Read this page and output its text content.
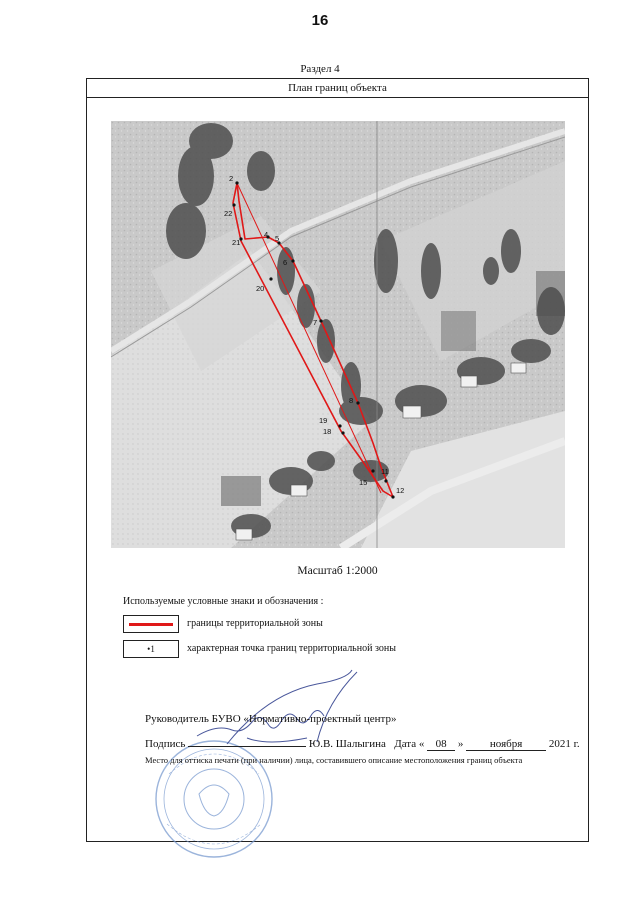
16
Раздел 4
План границ объекта
2
22
21
4 5
6
20
7
19
18
8
15
11
12
Масштаб 1:2000
Используемые условные знаки и обозначения :
границы территориальной зоны
•1	характерная точка границ территориальной зоны
Руководитель БУВО «Нормативно-проектный центр»
Подпись	Ю.В. Шалыгина Дата « 08 » ноября 2021 г.
Место для оттиска печати (при наличии) лица, составившего описание местоположения границ объекта
